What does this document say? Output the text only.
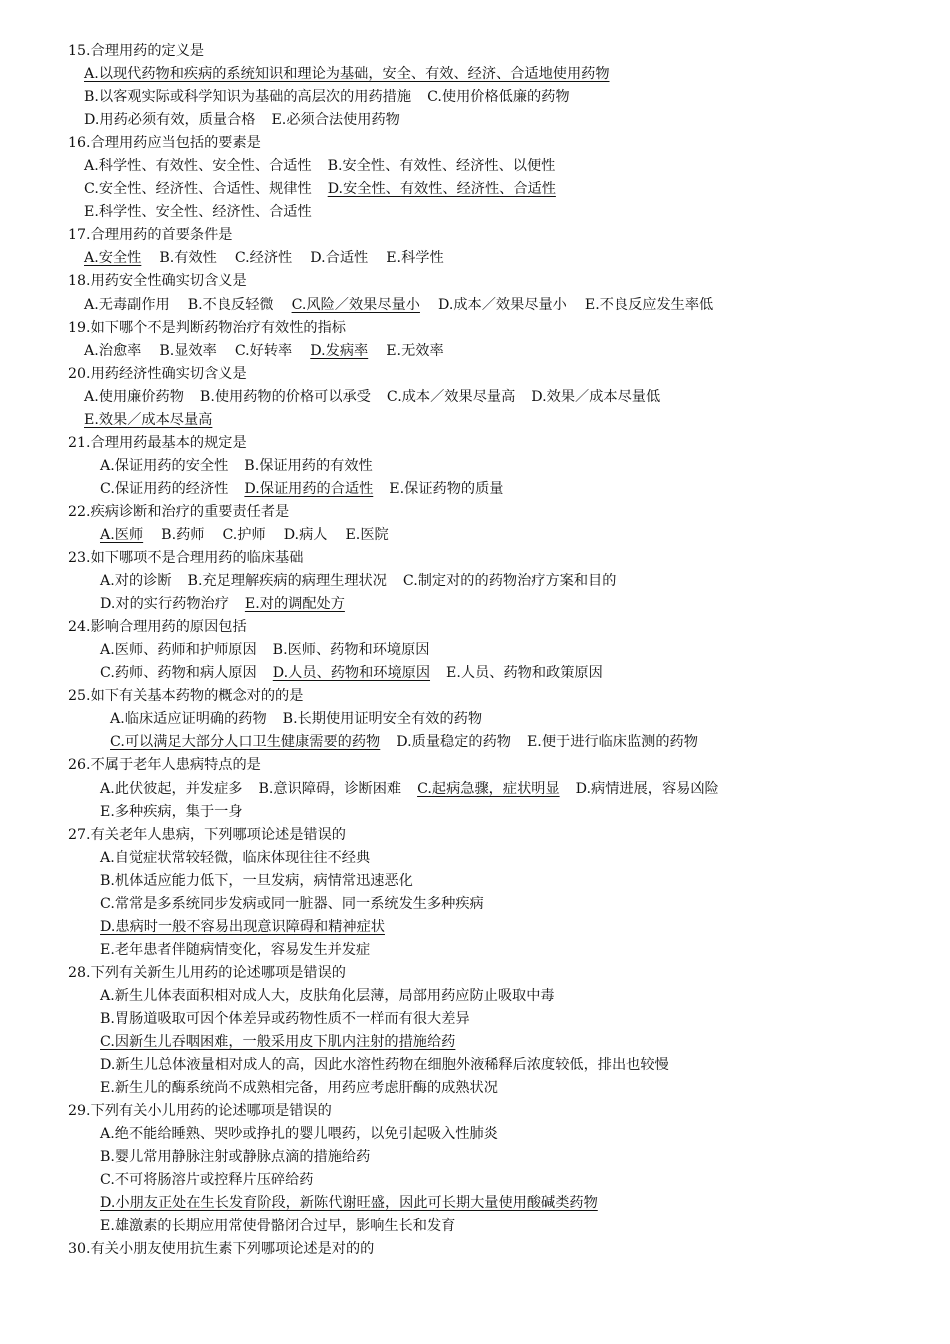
15.合理用药的定义是
A.以现代药物和疾病的系统知识和理论为基础，安全、有效、经济、合适地使用药物
B.以客观实际或科学知识为基础的高层次的用药措施 C.使用价格低廉的药物
D.用药必须有效，质量合格 E.必须合法使用药物
16.合理用药应当包括的要素是
A.科学性、有效性、安全性、合适性 B.安全性、有效性、经济性、以便性
C.安全性、经济性、合适性、规律性 D.安全性、有效性、经济性、合适性
E.科学性、安全性、经济性、合适性
17.合理用药的首要条件是
A.安全性 B.有效性 C.经济性 D.合适性 E.科学性
18.用药安全性确实切含义是
A.无毒副作用 B.不良反轻微 C.风险／效果尽量小 D.成本／效果尽量小 E.不良反应发生率低
19.如下哪个不是判断药物治疗有效性的指标
A.治愈率 B.显效率 C.好转率 D.发病率 E.无效率
20.用药经济性确实切含义是
A.使用廉价药物 B.使用药物的价格可以承受 C.成本／效果尽量高 D.效果／成本尽量低
E.效果／成本尽量高
21.合理用药最基本的规定是
A.保证用药的安全性 B.保证用药的有效性
C.保证用药的经济性 D.保证用药的合适性 E.保证药物的质量
22.疾病诊断和治疗的重要责任者是
A.医师 B.药师 C.护师 D.病人 E.医院
23.如下哪项不是合理用药的临床基础
A.对的诊断 B.充足理解疾病的病理生理状况 C.制定对的的药物治疗方案和目的
D.对的实行药物治疗 E.对的调配处方
24.影响合理用药的原因包括
A.医师、药师和护师原因 B.医师、药物和环境原因
C.药师、药物和病人原因 D.人员、药物和环境原因 E.人员、药物和政策原因
25.如下有关基本药物的概念对的的是
A.临床适应证明确的药物 B.长期使用证明安全有效的药物
C.可以满足大部分人口卫生健康需要的药物 D.质量稳定的药物 E.便于进行临床监测的药物
26.不属于老年人患病特点的是
A.此伏彼起，并发症多 B.意识障碍，诊断困难 C.起病急骤，症状明显 D.病情进展，容易凶险
E.多种疾病，集于一身
27.有关老年人患病，下列哪项论述是错误的
A.自觉症状常较轻微，临床体现往往不经典
B.机体适应能力低下，一旦发病，病情常迅速恶化
C.常常是多系统同步发病或同一脏器、同一系统发生多种疾病
D.患病时一般不容易出现意识障碍和精神症状
E.老年患者伴随病情变化，容易发生并发症
28.下列有关新生儿用药的论述哪项是错误的
A.新生儿体表面积相对成人大，皮肤角化层薄，局部用药应防止吸取中毒
B.胃肠道吸取可因个体差异或药物性质不一样而有很大差异
C.因新生儿吞咽困难，一般采用皮下肌内注射的措施给药
D.新生儿总体液量相对成人的高，因此水溶性药物在细胞外液稀释后浓度较低，排出也较慢
E.新生儿的酶系统尚不成熟相完备，用药应考虑肝酶的成熟状况
29.下列有关小儿用药的论述哪项是错误的
A.绝不能给睡熟、哭吵或挣扎的婴儿喂药，以免引起吸入性肺炎
B.婴儿常用静脉注射或静脉点滴的措施给药
C.不可将肠溶片或控释片压碎给药
D.小朋友正处在生长发育阶段，新陈代谢旺盛，因此可长期大量使用酸碱类药物
E.雄激素的长期应用常使骨骼闭合过早，影响生长和发育
30.有关小朋友使用抗生素下列哪项论述是对的的
